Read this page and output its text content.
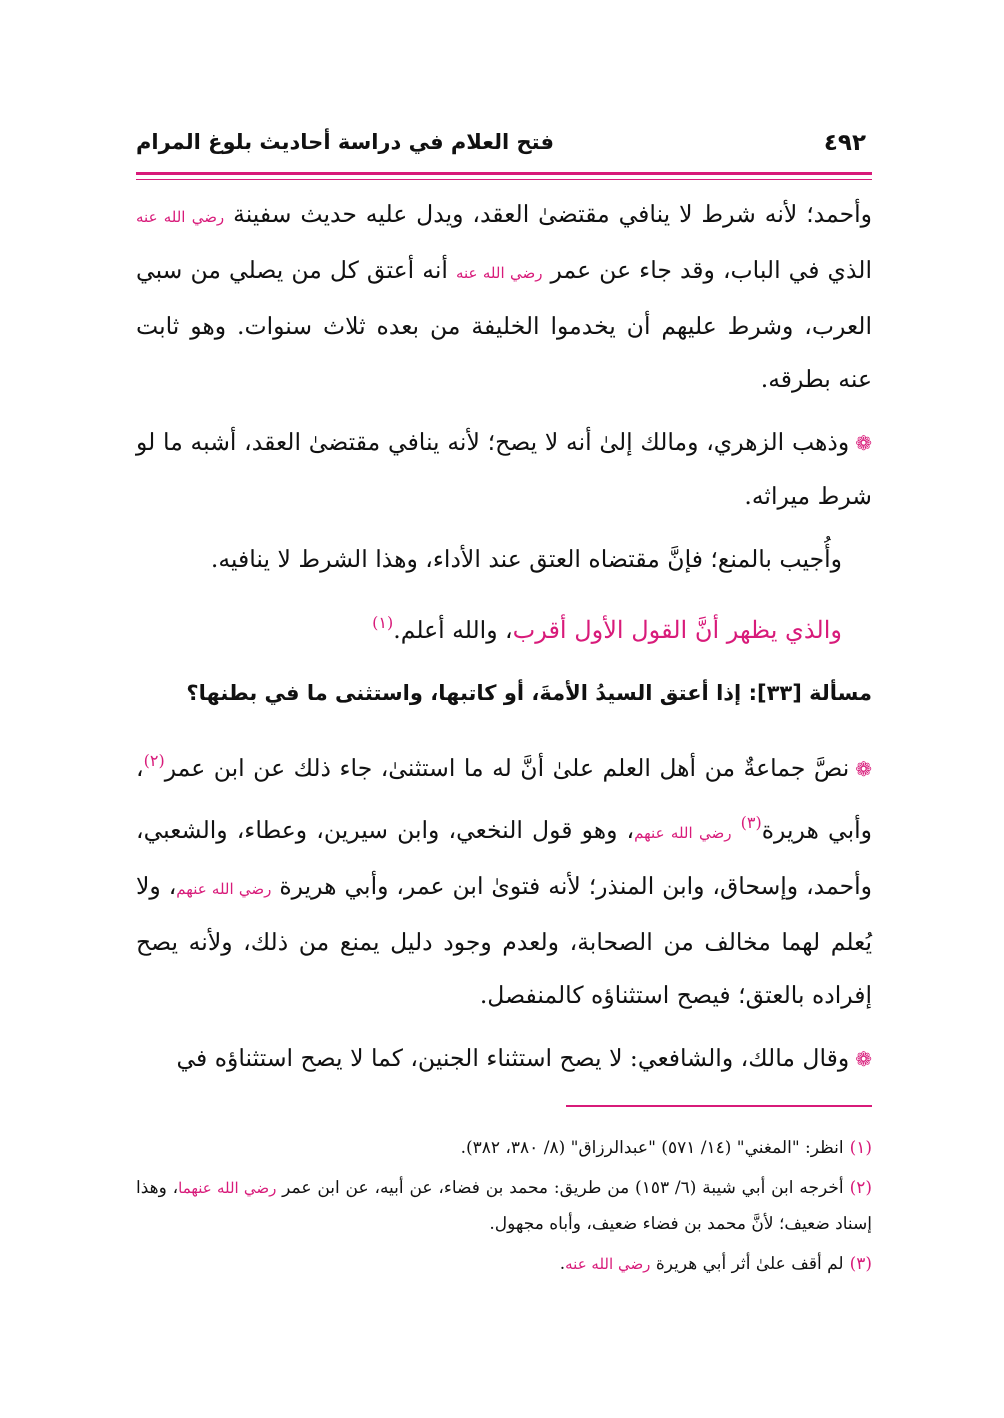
٤٩٢
فتح العلام في دراسة أحاديث بلوغ المرام

وأحمد؛ لأنه شرط لا ينافي مقتضىٰ العقد، ويدل عليه حديث سفينة رضي الله عنه الذي في الباب، وقد جاء عن عمر رضي الله عنه أنه أعتق كل من يصلي من سبي العرب، وشرط عليهم أن يخدموا الخليفة من بعده ثلاث سنوات. وهو ثابت عنه بطرقه.

❁وذهب الزهري، ومالك إلىٰ أنه لا يصح؛ لأنه ينافي مقتضىٰ العقد، أشبه ما لو شرط ميراثه.

وأُجيب بالمنع؛ فإنَّ مقتضاه العتق عند الأداء، وهذا الشرط لا ينافيه.

والذي يظهر أنَّ القول الأول أقرب، والله أعلم.$^{(١)}$

مسألة [٣٣]: إذا أعتق السيدُ الأمةَ، أو كاتبها، واستثنى ما في بطنها؟

❁نصَّ جماعةٌ من أهل العلم علىٰ أنَّ له ما استثنىٰ، جاء ذلك عن ابن عمر$^{(٢)}$، وأبي هريرة$^{(٣)}$ رضي الله عنهم، وهو قول النخعي، وابن سيرين، وعطاء، والشعبي، وأحمد، وإسحاق، وابن المنذر؛ لأنه فتوىٰ ابن عمر، وأبي هريرة رضي الله عنهم، ولا يُعلم لهما مخالف من الصحابة، ولعدم وجود دليل يمنع من ذلك، ولأنه يصح إفراده بالعتق؛ فيصح استثناؤه كالمنفصل.

❁وقال مالك، والشافعي: لا يصح استثناء الجنين، كما لا يصح استثناؤه في

(١)انظر: "المغني" (١٤/ ٥٧١) "عبدالرزاق" (٨/ ٣٨٠، ٣٨٢).

(٢)أخرجه ابن أبي شيبة (٦/ ١٥٣) من طريق: محمد بن فضاء، عن أبيه، عن ابن عمر رضي الله عنهما، وهذا إسناد ضعيف؛ لأنَّ محمد بن فضاء ضعيف، وأباه مجهول.

(٣)لم أقف علىٰ أثر أبي هريرة رضي الله عنه.
